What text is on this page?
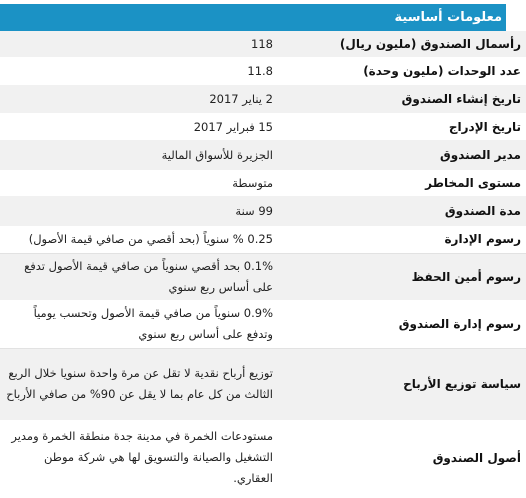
معلومات أساسية
رأسمال الصندوق (مليون ريال)	118
عدد الوحدات (مليون وحدة)	11.8
تاريخ إنشاء الصندوق	2 يناير 2017
تاريخ الإدراج	15 فبراير 2017
مدير الصندوق	الجزيرة للأسواق المالية
مستوى المخاطر	متوسطة
مدة الصندوق	99 سنة
رسوم الإدارة	0.25 % سنوياً (بحد أقصي من صافي قيمة الأصول)
رسوم أمين الحفظ	0.1% بحد أقصي سنوياً من صافي قيمة الأصول تدفع على أساس ربع سنوي
رسوم إدارة الصندوق	0.9% سنوياً من صافي قيمة الأصول وتحسب يومياً وتدفع على أساس ربع سنوي
سياسة توزيع الأرباح	توزيع أرباح نقدية لا تقل عن مرة واحدة سنويا خلال الربع الثالث من كل عام بما لا يقل عن 90% من صافي الأرباح
أصول الصندوق	مستودعات الخمرة في مدينة جدة منطقة الخمرة ومدير التشغيل والصيانة والتسويق لها هي شركة موطن العقاري.
